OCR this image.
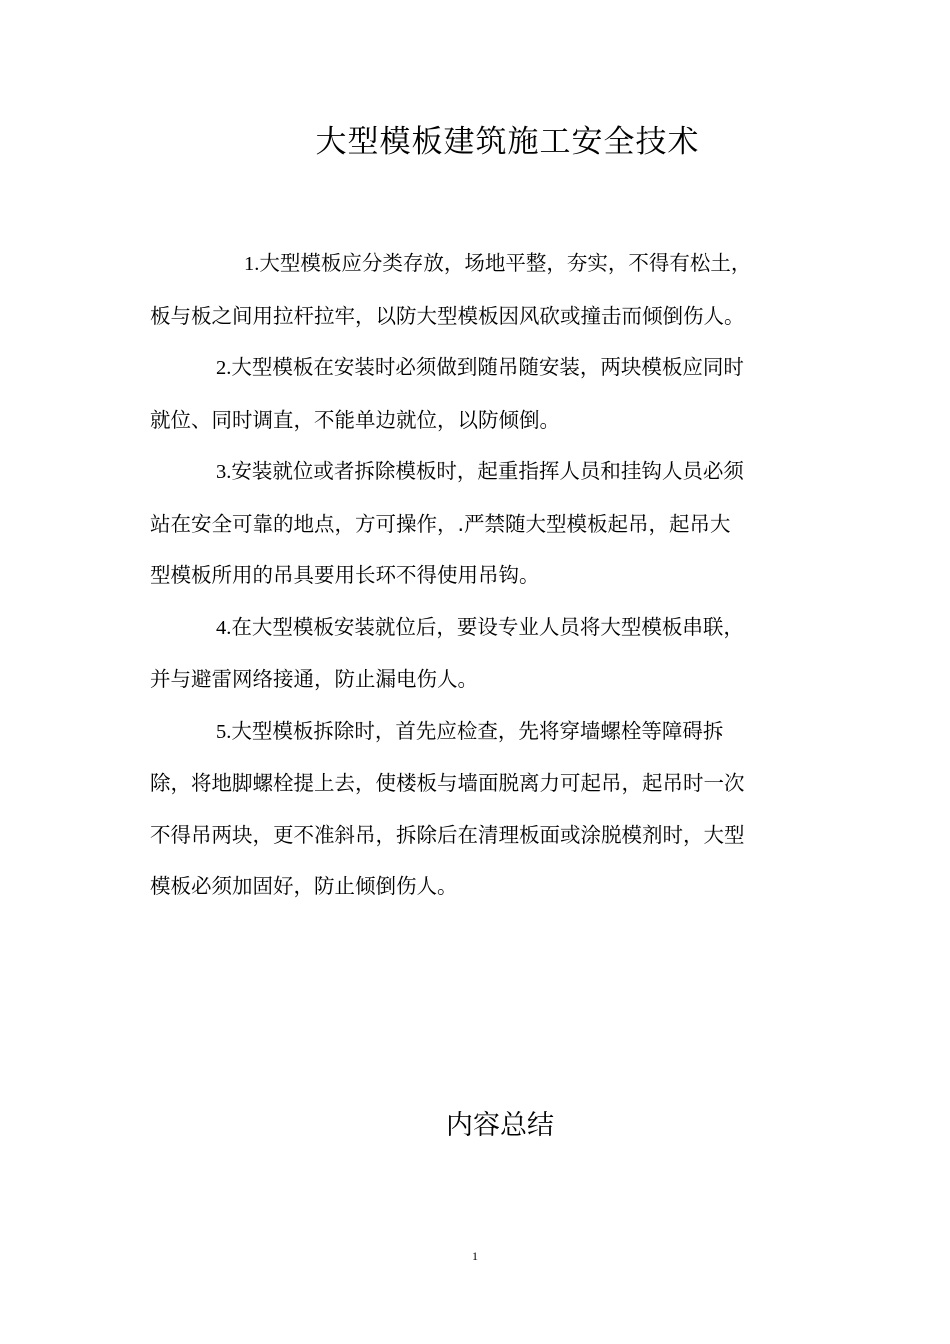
大型模板建筑施工安全技术

1.大型模板应分类存放，场地平整，夯实，不得有松土，
板与板之间用拉杆拉牢，以防大型模板因风砍或撞击而倾倒伤人。

2.大型模板在安装时必须做到随吊随安装，两块模板应同时
就位、同时调直，不能单边就位，以防倾倒。

3.安装就位或者拆除模板时，起重指挥人员和挂钩人员必须
站在安全可靠的地点，方可操作，.严禁随大型模板起吊，起吊大
型模板所用的吊具要用长环不得使用吊钩。

4.在大型模板安装就位后，要设专业人员将大型模板串联，
并与避雷网络接通，防止漏电伤人。

5.大型模板拆除时，首先应检查，先将穿墙螺栓等障碍拆
除，将地脚螺栓提上去，使楼板与墙面脱离力可起吊，起吊时一次
不得吊两块，更不准斜吊，拆除后在清理板面或涂脱模剂时，大型
模板必须加固好，防止倾倒伤人。

内容总结
1
